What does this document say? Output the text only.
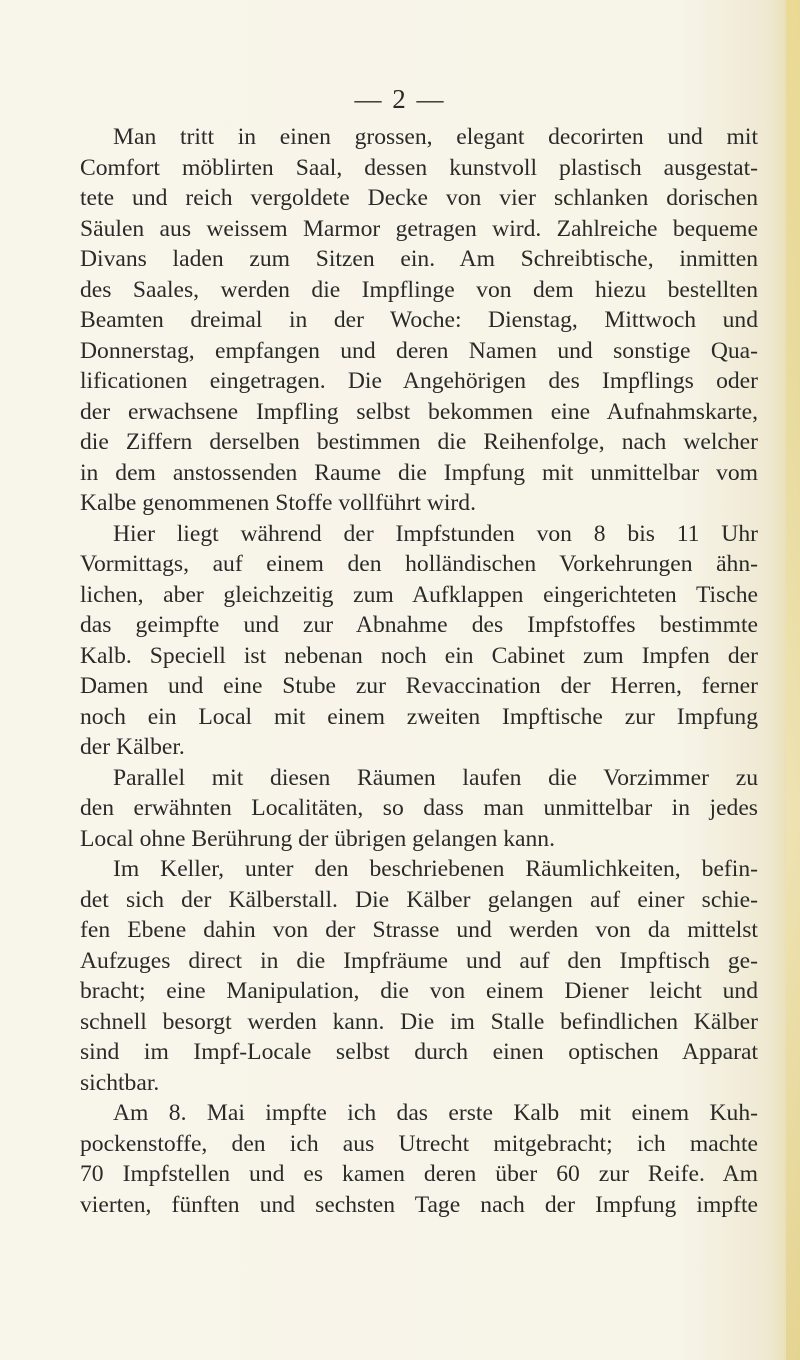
— 2 —
Man tritt in einen grossen, elegant decorirten und mit
Comfort möblirten Saal, dessen kunstvoll plastisch ausgestat-
tete und reich vergoldete Decke von vier schlanken dorischen
Säulen aus weissem Marmor getragen wird. Zahlreiche bequeme
Divans laden zum Sitzen ein. Am Schreibtische, inmitten
des Saales, werden die Impflinge von dem hiezu bestellten
Beamten dreimal in der Woche: Dienstag, Mittwoch und
Donnerstag, empfangen und deren Namen und sonstige Qua-
lificationen eingetragen. Die Angehörigen des Impflings oder
der erwachsene Impfling selbst bekommen eine Aufnahmskarte,
die Ziffern derselben bestimmen die Reihenfolge, nach welcher
in dem anstossenden Raume die Impfung mit unmittelbar vom
Kalbe genommenen Stoffe vollführt wird.
Hier liegt während der Impfstunden von 8 bis 11 Uhr
Vormittags, auf einem den holländischen Vorkehrungen ähn-
lichen, aber gleichzeitig zum Aufklappen eingerichteten Tische
das geimpfte und zur Abnahme des Impfstoffes bestimmte
Kalb. Speciell ist nebenan noch ein Cabinet zum Impfen der
Damen und eine Stube zur Revaccination der Herren, ferner
noch ein Local mit einem zweiten Impftische zur Impfung
der Kälber.
Parallel mit diesen Räumen laufen die Vorzimmer zu
den erwähnten Localitäten, so dass man unmittelbar in jedes
Local ohne Berührung der übrigen gelangen kann.
Im Keller, unter den beschriebenen Räumlichkeiten, befin-
det sich der Kälberstall. Die Kälber gelangen auf einer schie-
fen Ebene dahin von der Strasse und werden von da mittelst
Aufzuges direct in die Impfräume und auf den Impftisch ge-
bracht; eine Manipulation, die von einem Diener leicht und
schnell besorgt werden kann. Die im Stalle befindlichen Kälber
sind im Impf-Locale selbst durch einen optischen Apparat
sichtbar.
Am 8. Mai impfte ich das erste Kalb mit einem Kuh-
pockenstoffe, den ich aus Utrecht mitgebracht; ich machte
70 Impfstellen und es kamen deren über 60 zur Reife. Am
vierten, fünften und sechsten Tage nach der Impfung impfte
